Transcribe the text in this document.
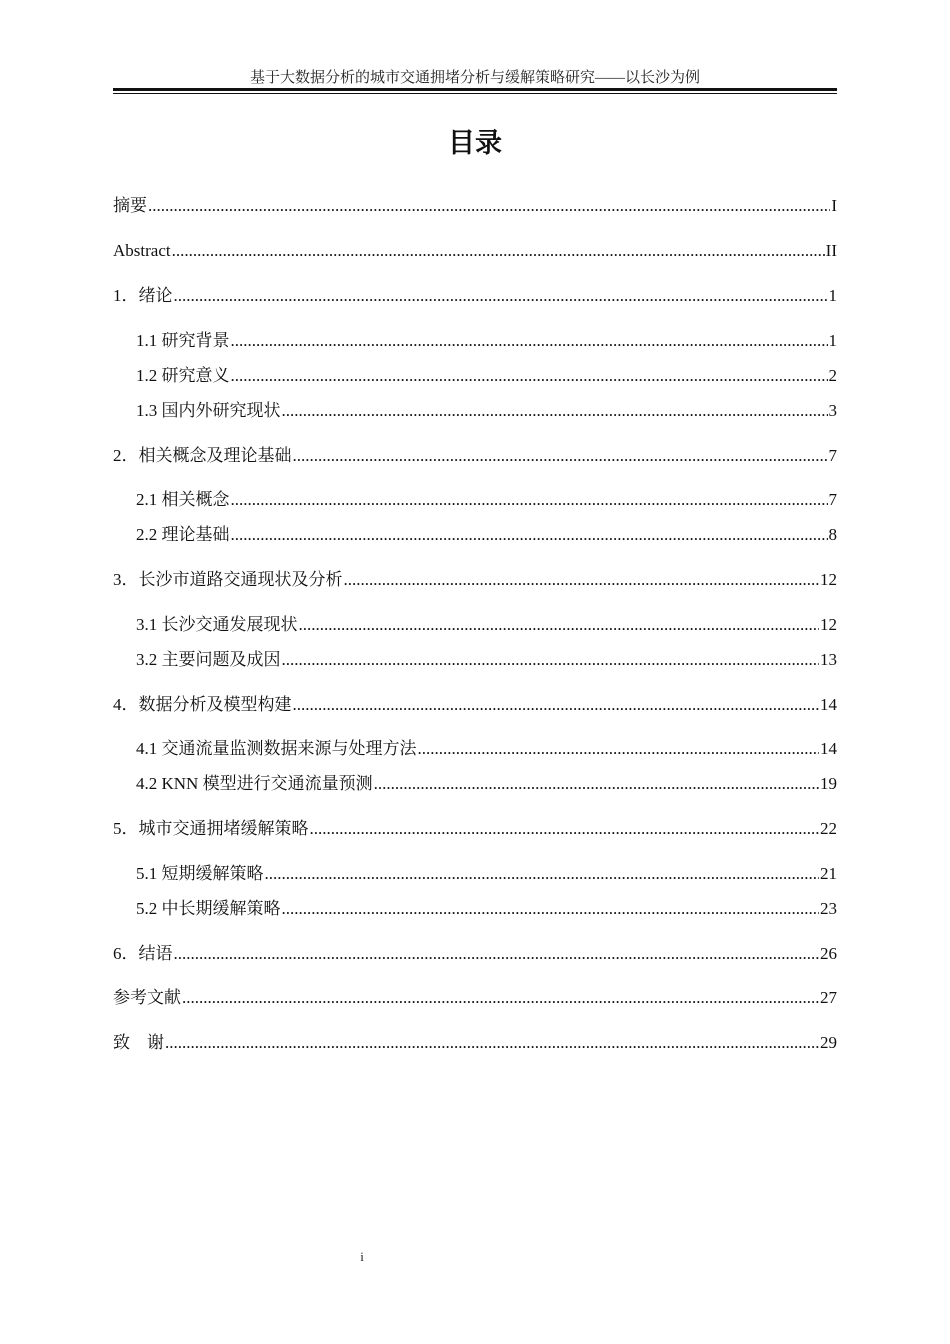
基于大数据分析的城市交通拥堵分析与缓解策略研究——以长沙为例
目录
摘要 .....	I
Abstract .....	II
1．绪论 .....	1
1.1 研究背景 .....	1
1.2 研究意义 .....	2
1.3 国内外研究现状 .....	3
2．相关概念及理论基础 .....	7
2.1 相关概念 .....	7
2.2 理论基础 .....	8
3．长沙市道路交通现状及分析 .....	12
3.1 长沙交通发展现状 .....	12
3.2 主要问题及成因 .....	13
4．数据分析及模型构建 .....	14
4.1 交通流量监测数据来源与处理方法 .....	14
4.2 KNN 模型进行交通流量预测 .....	19
5．城市交通拥堵缓解策略 .....	22
5.1 短期缓解策略 .....	21
5.2 中长期缓解策略 .....	23
6．结语 .....	26
参考文献 .....	27
致　谢 .....	29
i
